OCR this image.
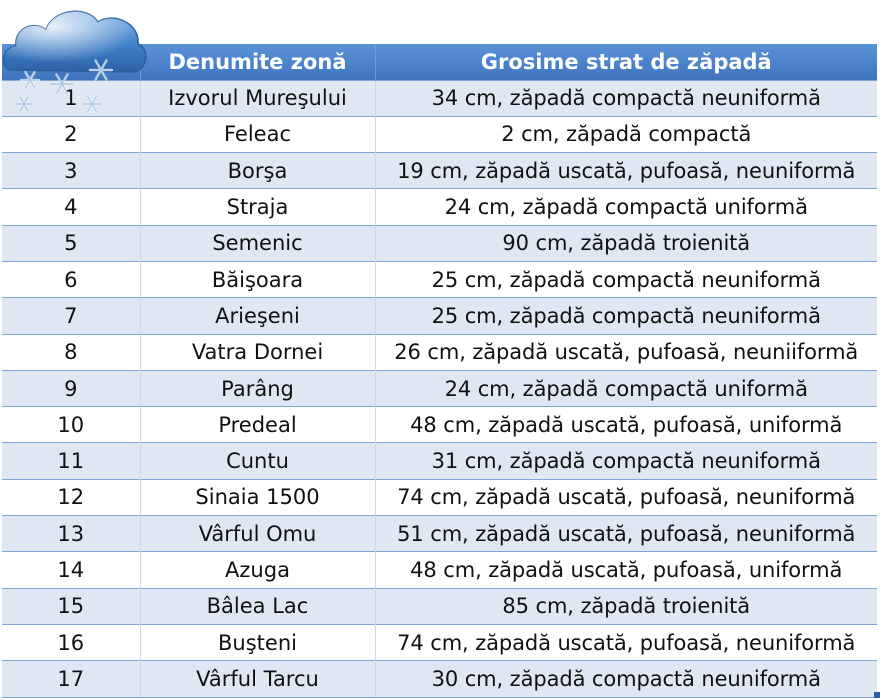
	Denumite zonă	Grosime strat de zăpadă
1	Izvorul Mureşului	34 cm, zăpadă compactă neuniformă
2	Feleac	2 cm, zăpadă compactă
3	Borşa	19 cm, zăpadă uscată, pufoasă, neuniformă
4	Straja	24 cm, zăpadă compactă uniformă
5	Semenic	90 cm, zăpadă troienită
6	Băişoara	25 cm, zăpadă compactă neuniformă
7	Arieşeni	25 cm, zăpadă compactă neuniformă
8	Vatra Dornei	26 cm, zăpadă uscată, pufoasă, neuniiformă
9	Parâng	24 cm, zăpadă compactă uniformă
10	Predeal	48 cm, zăpadă uscată, pufoasă, uniformă
11	Cuntu	31 cm, zăpadă compactă neuniformă
12	Sinaia 1500	74 cm, zăpadă uscată, pufoasă, neuniformă
13	Vârful Omu	51 cm, zăpadă uscată, pufoasă, neuniformă
14	Azuga	48 cm, zăpadă uscată, pufoasă, uniformă
15	Bâlea Lac	85 cm, zăpadă troienită
16	Buşteni	74 cm, zăpadă uscată, pufoasă, neuniformă
17	Vârful Tarcu	30 cm, zăpadă compactă neuniformă
